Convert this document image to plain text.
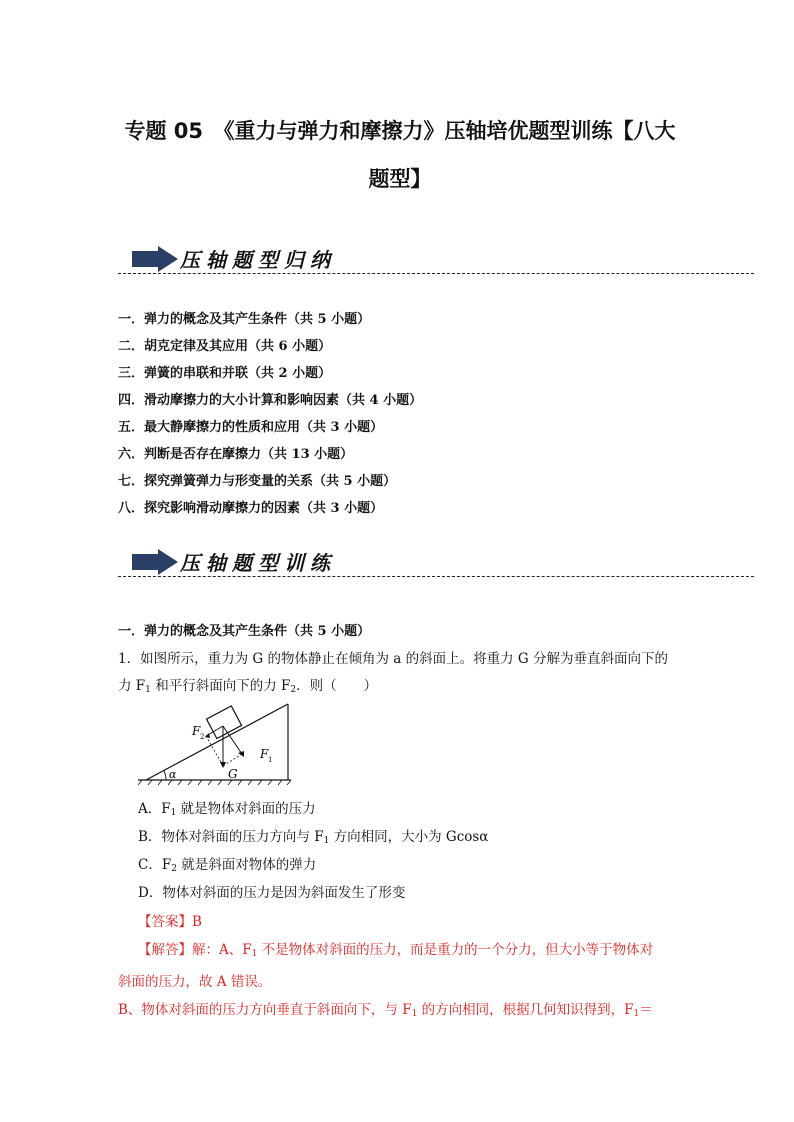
专题 05　《重力与弹力和摩擦力》压轴培优题型训练【八大
题型】
压轴题型归纳
一．弹力的概念及其产生条件（共 5 小题）
二．胡克定律及其应用（共 6 小题）
三．弹簧的串联和并联（共 2 小题）
四．滑动摩擦力的大小计算和影响因素（共 4 小题）
五．最大静摩擦力的性质和应用（共 3 小题）
六．判断是否存在摩擦力（共 13 小题）
七．探究弹簧弹力与形变量的关系（共 5 小题）
八．探究影响滑动摩擦力的因素（共 3 小题）
压轴题型训练
一．弹力的概念及其产生条件（共 5 小题）
1．如图所示，重力为 G 的物体静止在倾角为 a 的斜面上。将重力 G 分解为垂直斜面向下的
力 $F_1$ 和平行斜面向下的力 $F_2$．则（　　）
F 2
F 1
G
α
A．$F_1$ 就是物体对斜面的压力
B．物体对斜面的压力方向与 $F_1$ 方向相同，大小为 Gcosα
C．$F_2$ 就是斜面对物体的弹力
D．物体对斜面的压力是因为斜面发生了形变
【答案】B
【解答】解：A、$F_1$ 不是物体对斜面的压力，而是重力的一个分力，但大小等于物体对
斜面的压力，故 A 错误。
B、物体对斜面的压力方向垂直于斜面向下，与 $F_1$ 的方向相同，根据几何知识得到，$F_1=$
